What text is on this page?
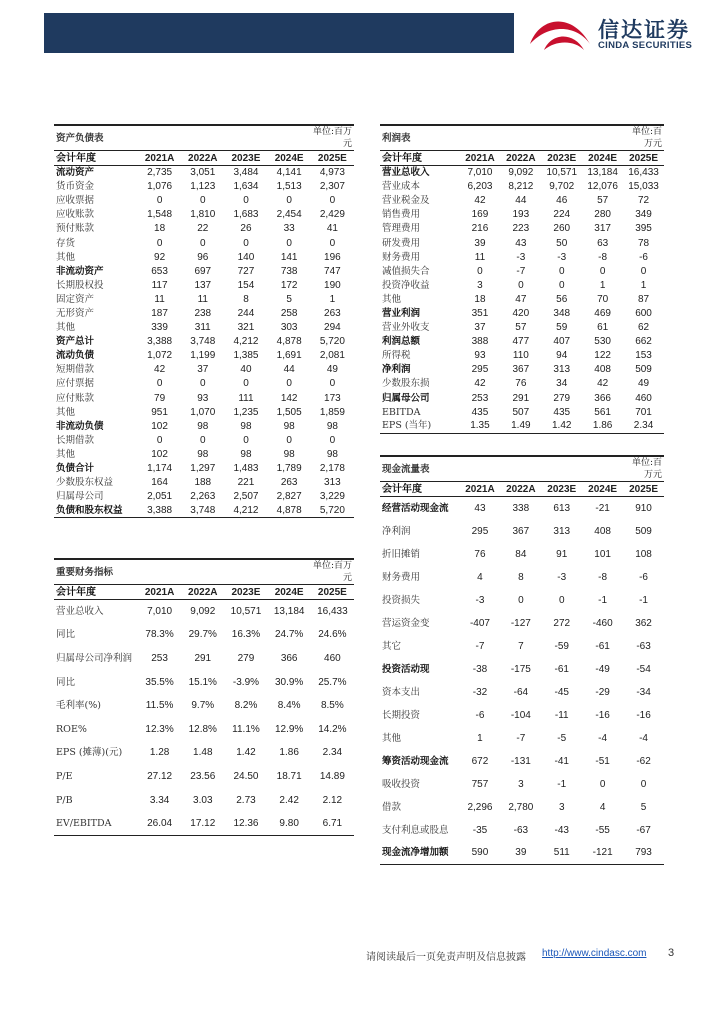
信达证券
CINDA SECURITIES
资产负债表					单位:百万元
会计年度	2021A	2022A	2023E	2024E	2025E
流动资产	2,735	3,051	3,484	4,141	4,973
货币资金	1,076	1,123	1,634	1,513	2,307
应收票据	0	0	0	0	0
应收账款	1,548	1,810	1,683	2,454	2,429
预付账款	18	22	26	33	41
存货	0	0	0	0	0
其他	92	96	140	141	196
非流动资产	653	697	727	738	747
长期股权投	117	137	154	172	190
固定资产	11	11	8	5	1
无形资产	187	238	244	258	263
其他	339	311	321	303	294
资产总计	3,388	3,748	4,212	4,878	5,720
流动负债	1,072	1,199	1,385	1,691	2,081
短期借款	42	37	40	44	49
应付票据	0	0	0	0	0
应付账款	79	93	111	142	173
其他	951	1,070	1,235	1,505	1,859
非流动负债	102	98	98	98	98
长期借款	0	0	0	0	0
其他	102	98	98	98	98
负债合计	1,174	1,297	1,483	1,789	2,178
少数股东权益	164	188	221	263	313
归属母公司	2,051	2,263	2,507	2,827	3,229
负债和股东权益	3,388	3,748	4,212	4,878	5,720
重要财务指标					单位:百万元
会计年度	2021A	2022A	2023E	2024E	2025E
营业总收入	7,010	9,092	10,571	13,184	16,433
同比	78.3%	29.7%	16.3%	24.7%	24.6%
归属母公司净利润	253	291	279	366	460
同比	35.5%	15.1%	-3.9%	30.9%	25.7%
毛利率(%)	11.5%	9.7%	8.2%	8.4%	8.5%
ROE%	12.3%	12.8%	11.1%	12.9%	14.2%
EPS (摊薄)(元)	1.28	1.48	1.42	1.86	2.34
P/E	27.12	23.56	24.50	18.71	14.89
P/B	3.34	3.03	2.73	2.42	2.12
EV/EBITDA	26.04	17.12	12.36	9.80	6.71
利润表					单位:百万元
会计年度	2021A	2022A	2023E	2024E	2025E
营业总收入	7,010	9,092	10,571	13,184	16,433
营业成本	6,203	8,212	9,702	12,076	15,033
营业税金及	42	44	46	57	72
销售费用	169	193	224	280	349
管理费用	216	223	260	317	395
研发费用	39	43	50	63	78
财务费用	11	-3	-3	-8	-6
减值损失合	0	-7	0	0	0
投资净收益	3	0	0	1	1
其他	18	47	56	70	87
营业利润	351	420	348	469	600
营业外收支	37	57	59	61	62
利润总额	388	477	407	530	662
所得税	93	110	94	122	153
净利润	295	367	313	408	509
少数股东损	42	76	34	42	49
归属母公司	253	291	279	366	460
EBITDA	435	507	435	561	701
EPS (当年)	1.35	1.49	1.42	1.86	2.34
现金流量表					单位:百万元
会计年度	2021A	2022A	2023E	2024E	2025E
经营活动现金流	43	338	613	-21	910
净利润	295	367	313	408	509
折旧摊销	76	84	91	101	108
财务费用	4	8	-3	-8	-6
投资损失	-3	0	0	-1	-1
营运资金变	-407	-127	272	-460	362
其它	-7	7	-59	-61	-63
投资活动现	-38	-175	-61	-49	-54
资本支出	-32	-64	-45	-29	-34
长期投资	-6	-104	-11	-16	-16
其他	1	-7	-5	-4	-4
筹资活动现金流	672	-131	-41	-51	-62
吸收投资	757	3	-1	0	0
借款	2,296	2,780	3	4	5
支付利息或股息	-35	-63	-43	-55	-67
现金流净增加额	590	39	511	-121	793
请阅读最后一页免责声明及信息披露 http://www.cindasc.com 3
